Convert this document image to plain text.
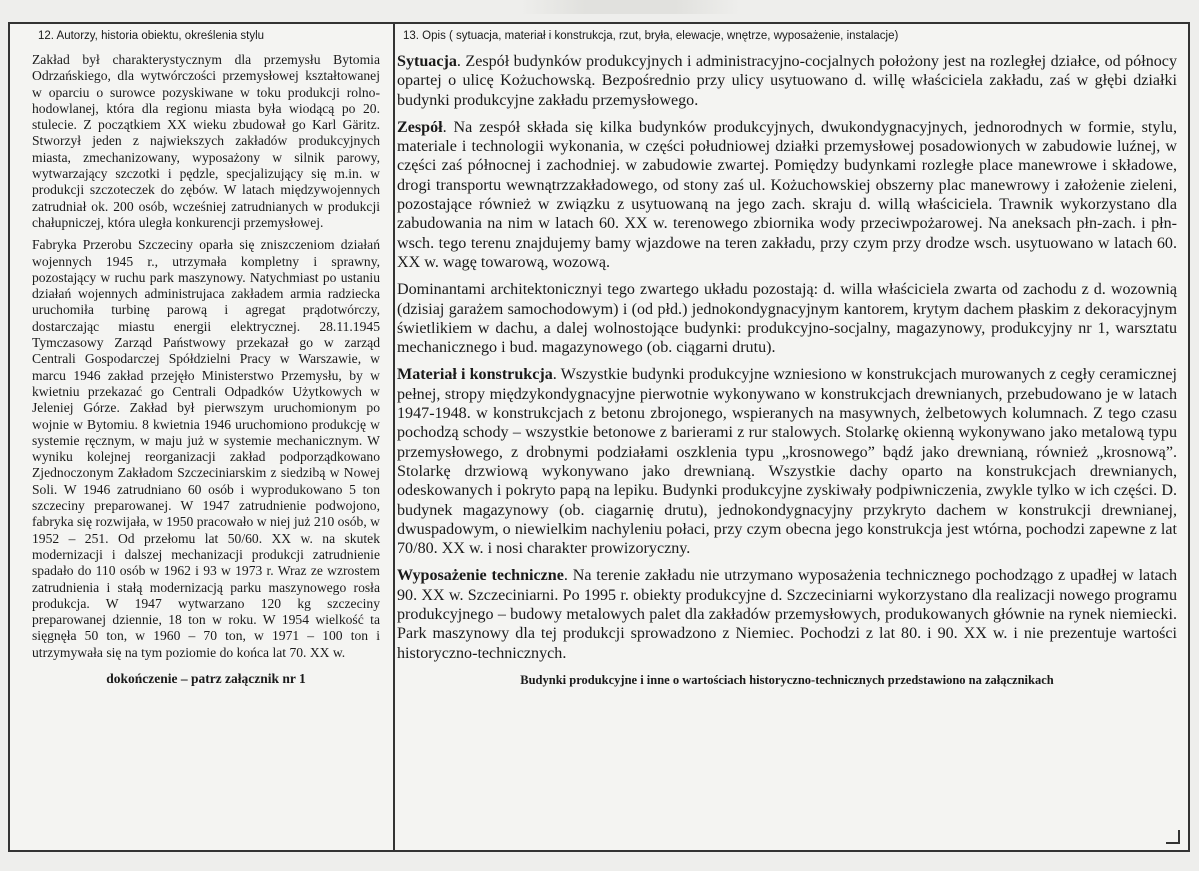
12. Autorzy, historia obiektu, określenia stylu

Zakład był charakterystycznym dla przemysłu Bytomia Odrzańskiego, dla wytwórczości przemysłowej kształtowanej w oparciu o surowce pozyskiwane w toku produkcji rolno-hodowlanej, która dla regionu miasta była wiodącą po 20. stulecie. Z początkiem XX wieku zbudował go Karl Gäritz. Stworzył jeden z najwiekszych zakładów produkcyjnych miasta, zmechanizowany, wyposażony w silnik parowy, wytwarzający szczotki i pędzle, specjalizujący się m.in. w produkcji szczoteczek do zębów. W latach międzywojennych zatrudniał ok. 200 osób, wcześniej zatrudnianych w produkcji chałupniczej, która uległa konkurencji przemysłowej.

Fabryka Przerobu Szczeciny oparła się zniszczeniom działań wojennych 1945 r., utrzymała kompletny i sprawny, pozostający w ruchu park maszynowy. Natychmiast po ustaniu działań wojennych administrujaca zakładem armia radziecka uruchomiła turbinę parową i agregat prądotwórczy, dostarczając miastu energii elektrycznej. 28.11.1945 Tymczasowy Zarząd Państwowy przekazał go w zarząd Centrali Gospodarczej Spółdzielni Pracy w Warszawie, w marcu 1946 zakład przejęło Ministerstwo Przemysłu, by w kwietniu przekazać go Centrali Odpadków Użytkowych w Jeleniej Górze. Zakład był pierwszym uruchomionym po wojnie w Bytomiu. 8 kwietnia 1946 uruchomiono produkcję w systemie ręcznym, w maju już w systemie mechanicznym. W wyniku kolejnej reorganizacji zakład podporządkowano Zjednoczonym Zakładom Szczeciniarskim z siedzibą w Nowej Soli. W 1946 zatrudniano 60 osób i wyprodukowano 5 ton szczeciny preparowanej. W 1947 zatrudnienie podwojono, fabryka się rozwijała, w 1950 pracowało w niej już 210 osób, w 1952 – 251. Od przełomu lat 50/60. XX w. na skutek modernizacji i dalszej mechanizacji produkcji zatrudnienie spadało do 110 osób w 1962 i 93 w 1973 r. Wraz ze wzrostem zatrudnienia i stałą modernizacją parku maszynowego rosła produkcja. W 1947 wytwarzano 120 kg szczeciny preparowanej dziennie, 18 ton w roku. W 1954 wielkość ta sięgnęła 50 ton, w 1960 – 70 ton, w 1971 – 100 ton i utrzymywała się na tym poziomie do końca lat 70. XX w.

dokończenie – patrz załącznik nr 1
13. Opis ( sytuacja, materiał i konstrukcja, rzut, bryła, elewacje, wnętrze, wyposażenie, instalacje)

Sytuacja. Zespół budynków produkcyjnych i administracyjno-cocjalnych położony jest na rozległej działce, od północy opartej o ulicę Kożuchowską. Bezpośrednio przy ulicy usytuowano d. willę właściciela zakładu, zaś w głębi działki budynki produkcyjne zakładu przemysłowego.

Zespół. Na zespół składa się kilka budynków produkcyjnych, dwukondygnacyjnych, jednorodnych w formie, stylu, materiale i technologii wykonania, w części południowej działki przemysłowej posadowionych w zabudowie luźnej, w części zaś północnej i zachodniej. w zabudowie zwartej. Pomiędzy budynkami rozległe place manewrowe i składowe, drogi transportu wewnątrzzakładowego, od stony zaś ul. Kożuchowskiej obszerny plac manewrowy i założenie zieleni, pozostające również w związku z usytuowaną na jego zach. skraju d. willą właściciela. Trawnik wykorzystano dla zabudowania na nim w latach 60. XX w. terenowego zbiornika wody przeciwpożarowej. Na aneksach płn-zach. i płn-wsch. tego terenu znajdujemy bamy wjazdowe na teren zakładu, przy czym przy drodze wsch. usytuowano w latach 60. XX w. wagę towarową, wozową.

Dominantami architektonicznyi tego zwartego układu pozostają: d. willa właściciela zwarta od zachodu z d. wozownią (dzisiaj garażem samochodowym) i (od płd.) jednokondygnacyjnym kantorem, krytym dachem płaskim z dekoracyjnym świetlikiem w dachu, a dalej wolnostojące budynki: produkcyjno-socjalny, magazynowy, produkcyjny nr 1, warsztatu mechanicznego i bud. magazynowego (ob. ciągarni drutu).

Materiał i konstrukcja. Wszystkie budynki produkcyjne wzniesiono w konstrukcjach murowanych z cegły ceramicznej pełnej, stropy międzykondygnacyjne pierwotnie wykonywano w konstrukcjach drewnianych, przebudowano je w latach 1947-1948. w konstrukcjach z betonu zbrojonego, wspieranych na masywnych, żelbetowych kolumnach. Z tego czasu pochodzą schody – wszystkie betonowe z barierami z rur stalowych. Stolarkę okienną wykonywano jako metalową typu przemysłowego, z drobnymi podziałami oszklenia typu „krosnowego” bądź jako drewnianą, również „krosnową”. Stolarkę drzwiową wykonywano jako drewnianą. Wszystkie dachy oparto na konstrukcjach drewnianych, odeskowanych i pokryto papą na lepiku. Budynki produkcyjne zyskiwały podpiwniczenia, zwykle tylko w ich części. D. budynek magazynowy (ob. ciagarnię drutu), jednokondygnacyjny przykryto dachem w konstrukcji drewnianej, dwuspadowym, o niewielkim nachyleniu połaci, przy czym obecna jego konstrukcja jest wtórna, pochodzi zapewne z lat 70/80. XX w. i nosi charakter prowizoryczny.

Wyposażenie techniczne. Na terenie zakładu nie utrzymano wyposażenia technicznego pochodzągo z upadłej w latach 90. XX w. Szczeciniarni. Po 1995 r. obiekty produkcyjne d. Szczeciniarni wykorzystano dla realizacji nowego programu produkcyjnego – budowy metalowych palet dla zakładów przemysłowych, produkowanych głównie na rynek niemiecki. Park maszynowy dla tej produkcji sprowadzono z Niemiec. Pochodzi z lat 80. i 90. XX w. i nie prezentuje wartości historyczno-technicznych.

Budynki produkcyjne i inne o wartościach historyczno-technicznych przedstawiono na załącznikach
